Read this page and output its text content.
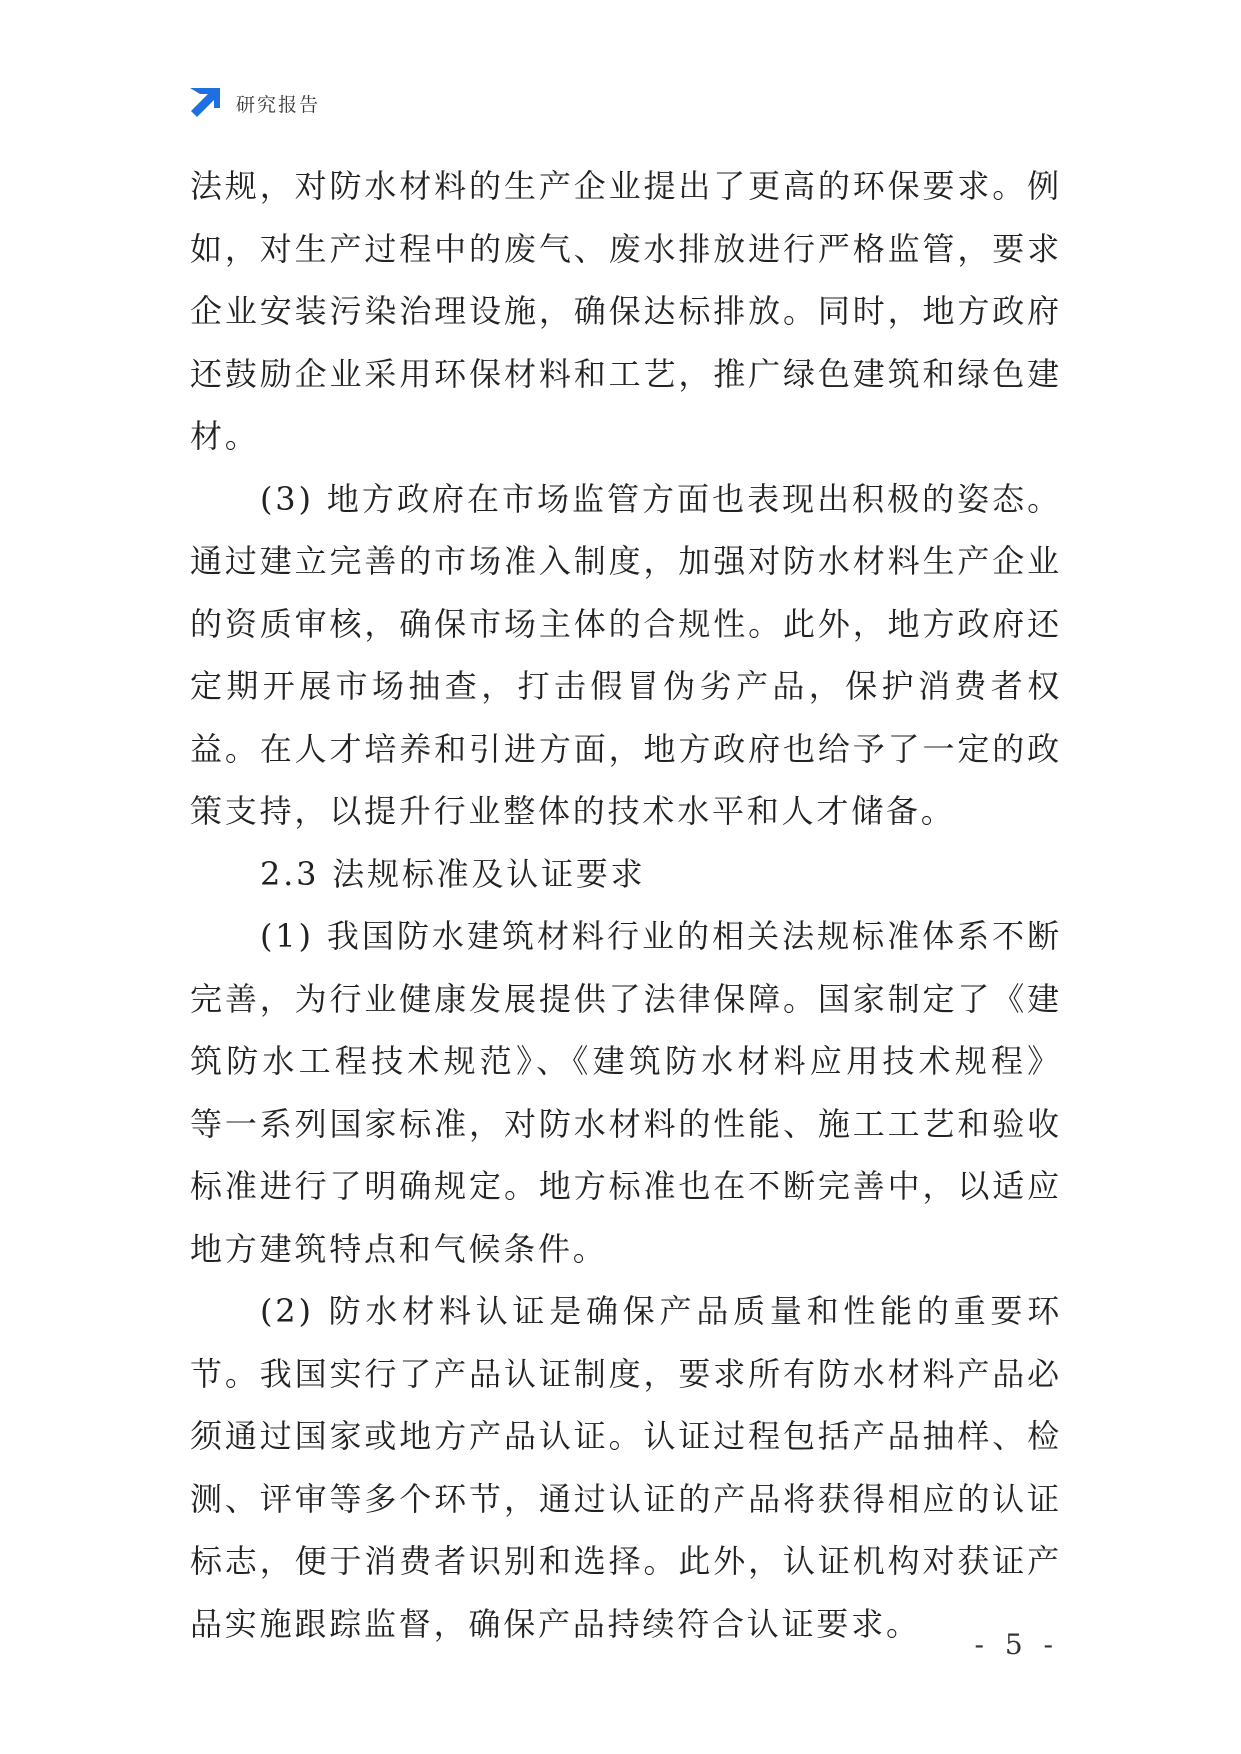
研究报告

法规，对防水材料的生产企业提出了更高的环保要求。例如，对生产过程中的废气、废水排放进行严格监管，要求企业安装污染治理设施，确保达标排放。同时，地方政府还鼓励企业采用环保材料和工艺，推广绿色建筑和绿色建材。

(3) 地方政府在市场监管方面也表现出积极的姿态。通过建立完善的市场准入制度，加强对防水材料生产企业的资质审核，确保市场主体的合规性。此外，地方政府还定期开展市场抽查，打击假冒伪劣产品，保护消费者权益。在人才培养和引进方面，地方政府也给予了一定的政策支持，以提升行业整体的技术水平和人才储备。

2.3 法规标准及认证要求

(1) 我国防水建筑材料行业的相关法规标准体系不断完善，为行业健康发展提供了法律保障。国家制定了《建筑防水工程技术规范》、《建筑防水材料应用技术规程》等一系列国家标准，对防水材料的性能、施工工艺和验收标准进行了明确规定。地方标准也在不断完善中，以适应地方建筑特点和气候条件。

(2) 防水材料认证是确保产品质量和性能的重要环节。我国实行了产品认证制度，要求所有防水材料产品必须通过国家或地方产品认证。认证过程包括产品抽样、检测、评审等多个环节，通过认证的产品将获得相应的认证标志，便于消费者识别和选择。此外，认证机构对获证产品实施跟踪监督，确保产品持续符合认证要求。

- 5 -
